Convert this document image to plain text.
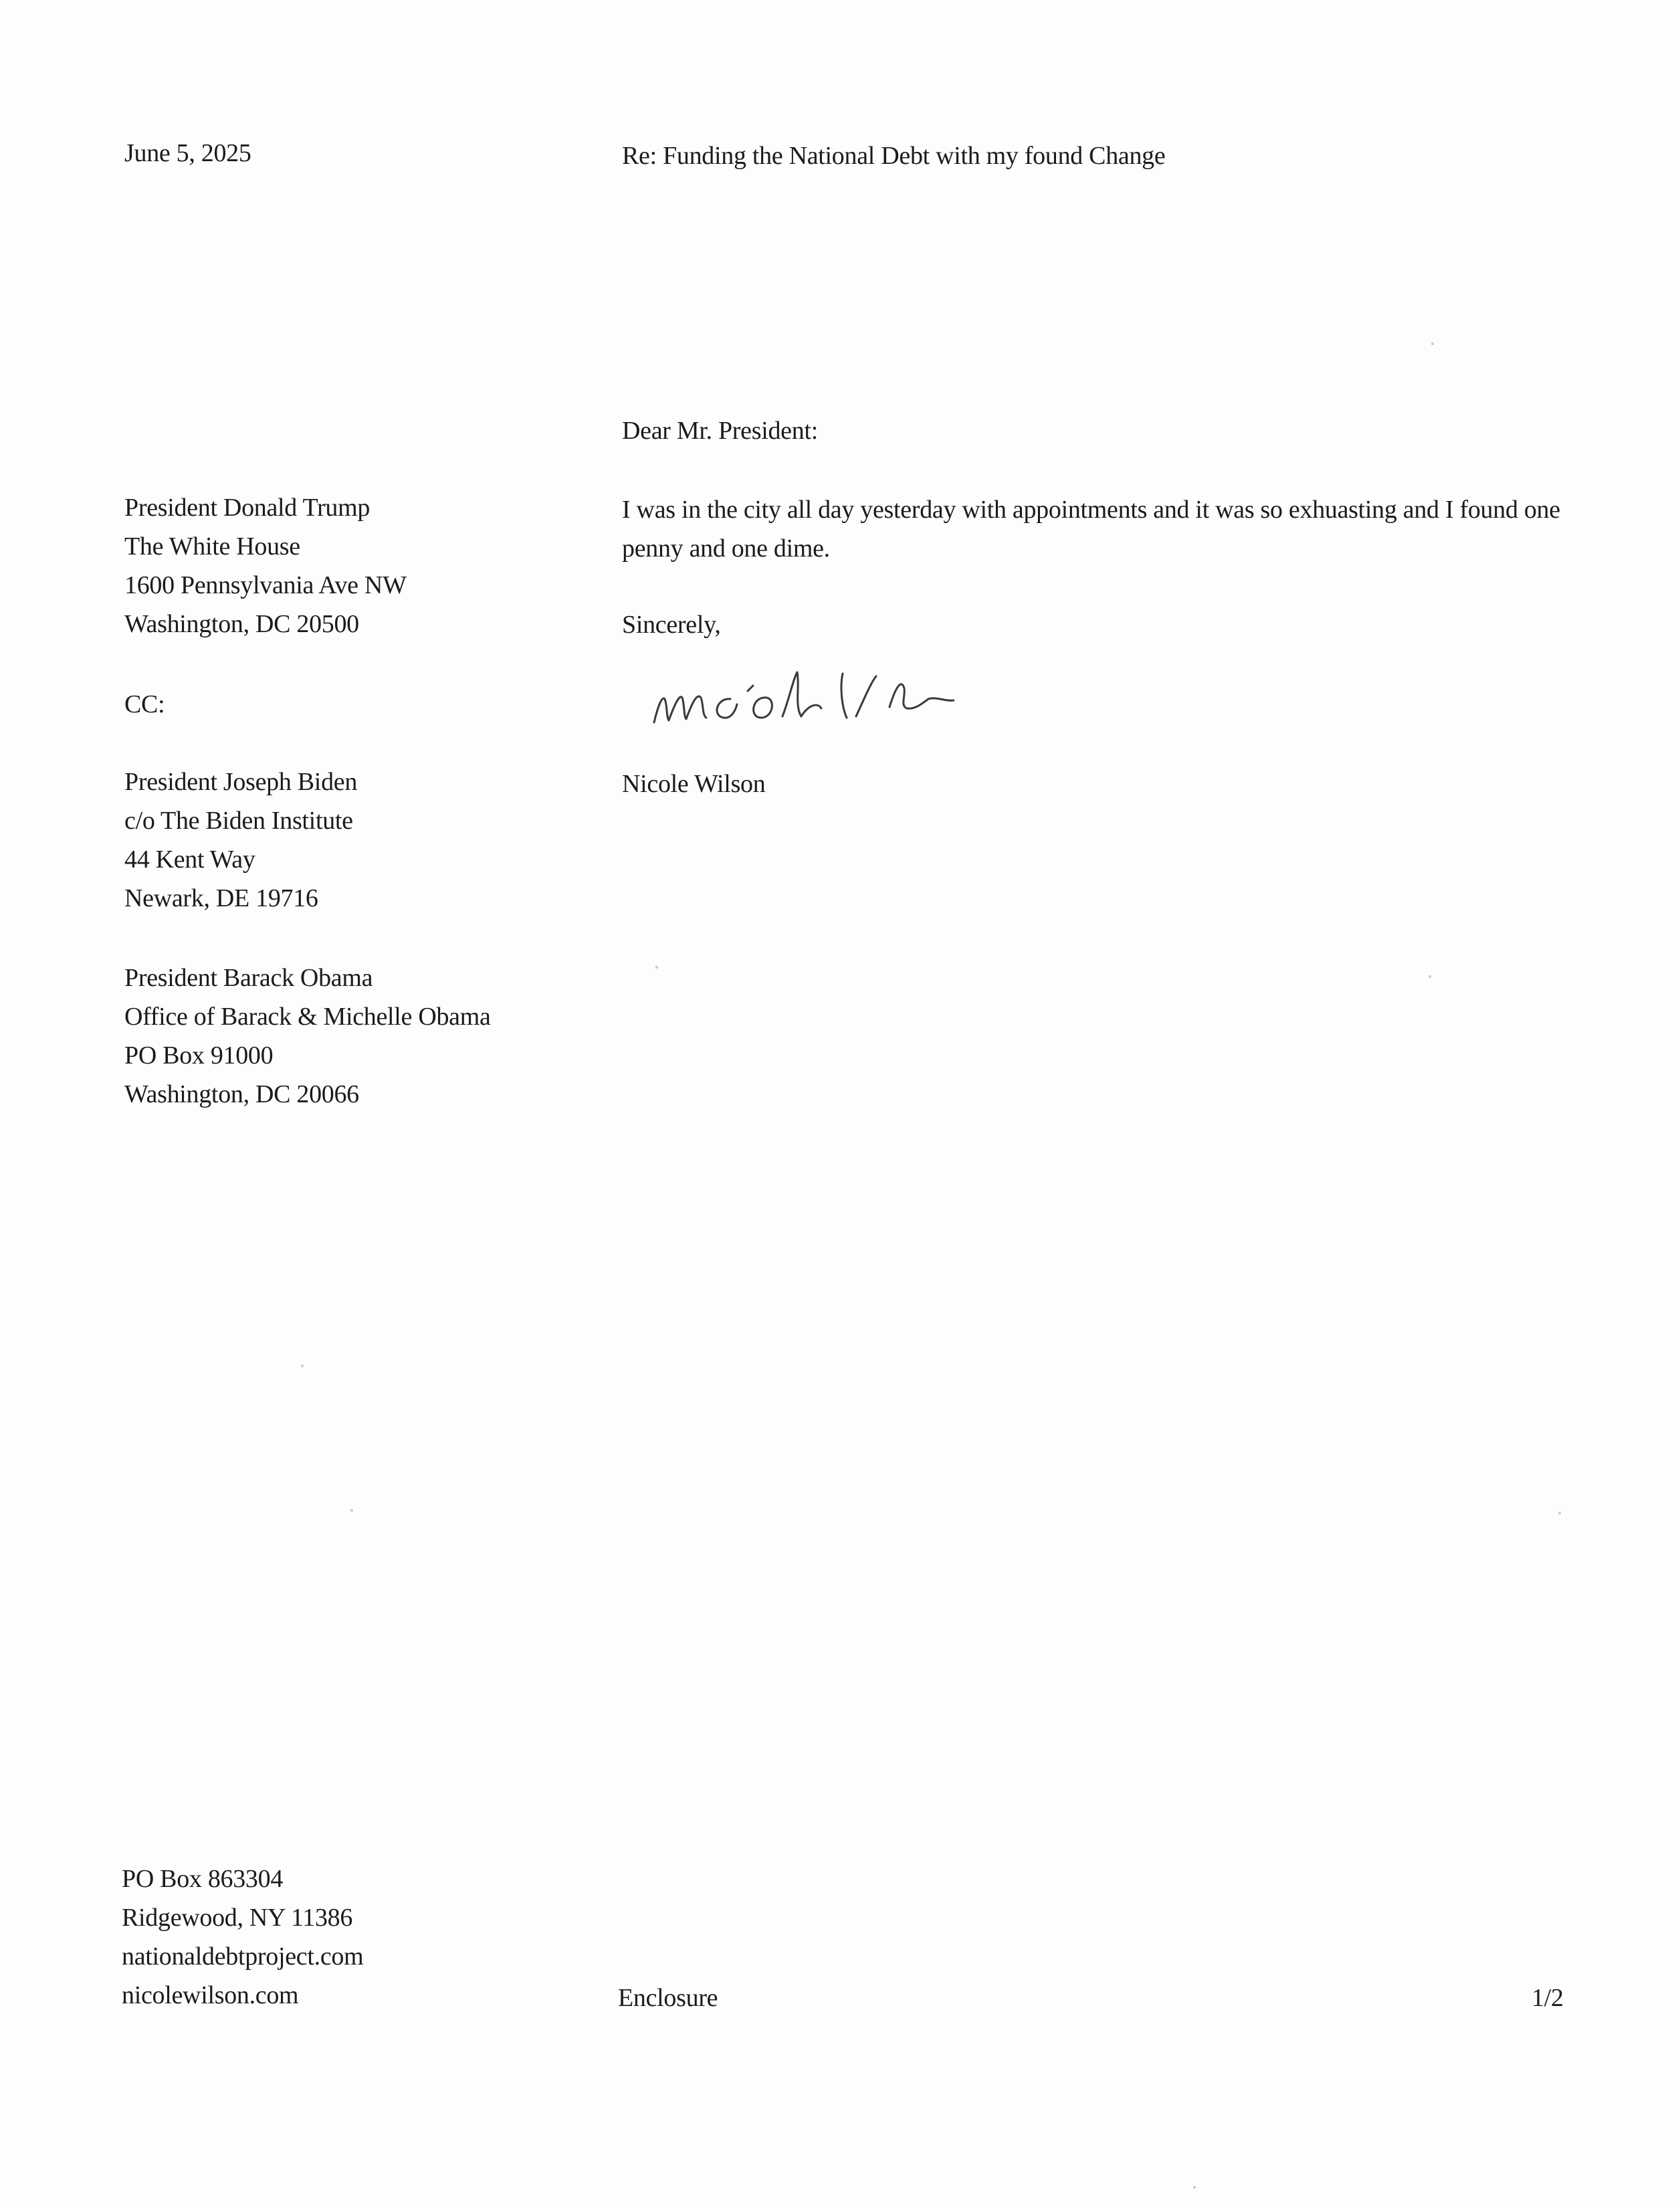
June 5, 2025	Re: Funding the National Debt with my found Change
Dear Mr. President:
President Donald Trump
The White House
1600 Pennsylvania Ave NW
Washington, DC 20500
I was in the city all day yesterday with appointments and it was so exhuasting and I found one penny and one dime.
Sincerely,
Nicole Wilson
CC:
President Joseph Biden
c/o The Biden Institute
44 Kent Way
Newark, DE 19716
President Barack Obama
Office of Barack & Michelle Obama
PO Box 91000
Washington, DC 20066
PO Box 863304
Ridgewood, NY 11386
nationaldebtproject.com
nicolewilson.com	Enclosure	1/2
